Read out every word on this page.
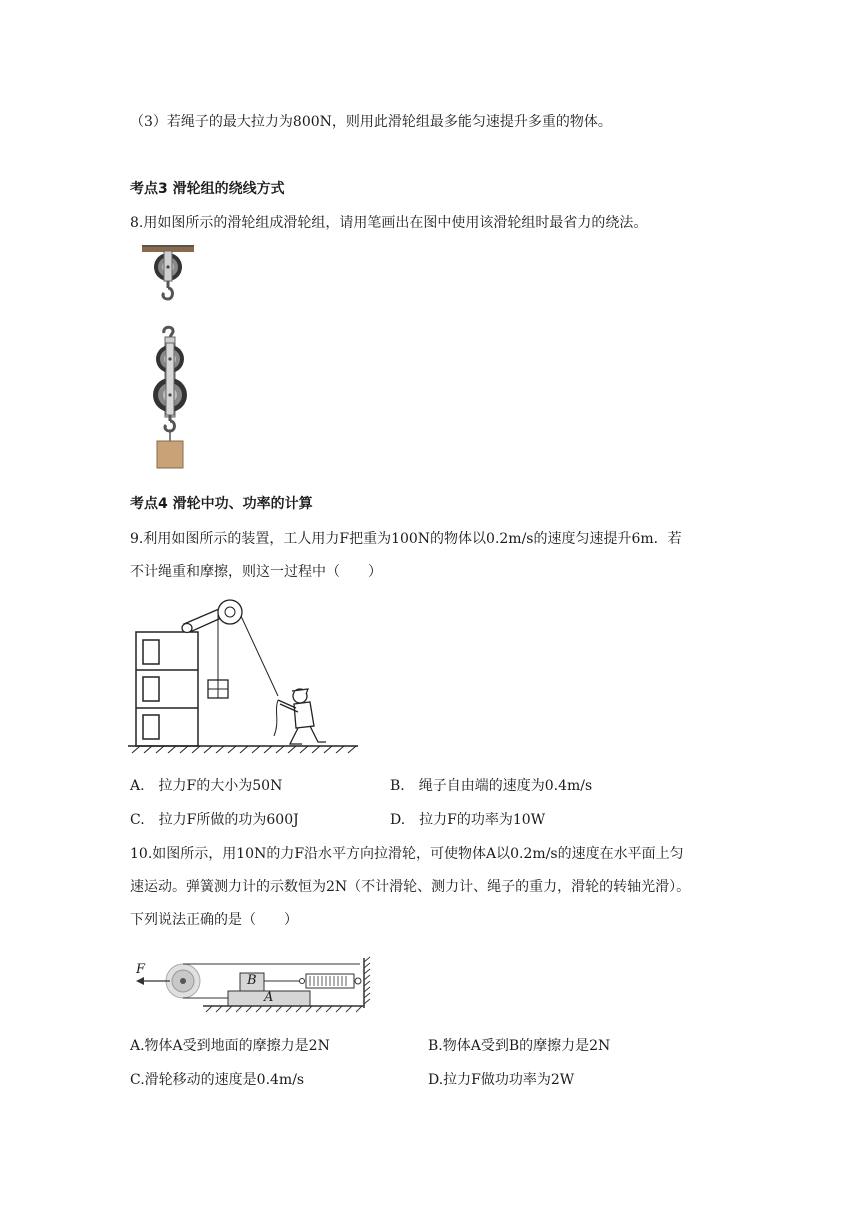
（3）若绳子的最大拉力为800N，则用此滑轮组最多能匀速提升多重的物体。
考点3 滑轮组的绕线方式
8.用如图所示的滑轮组成滑轮组，请用笔画出在图中使用该滑轮组时最省力的绕法。
考点4 滑轮中功、功率的计算
9.利用如图所示的装置，工人用力F把重为100N的物体以0.2m/s的速度匀速提升6m．若
不计绳重和摩擦，则这一过程中（　　）
A.　拉力F的大小为50N	B.　绳子自由端的速度为0.4m/s
C.　拉力F所做的功为600J	D.　拉力F的功率为10W
10.如图所示，用10N的力F沿水平方向拉滑轮，可使物体A以0.2m/s的速度在水平面上匀
速运动。弹簧测力计的示数恒为2N（不计滑轮、测力计、绳子的重力，滑轮的转轴光滑）。
下列说法正确的是（　　）
F
B
A
A.物体A受到地面的摩擦力是2N	B.物体A受到B的摩擦力是2N
C.滑轮移动的速度是0.4m/s	D.拉力F做功功率为2W
